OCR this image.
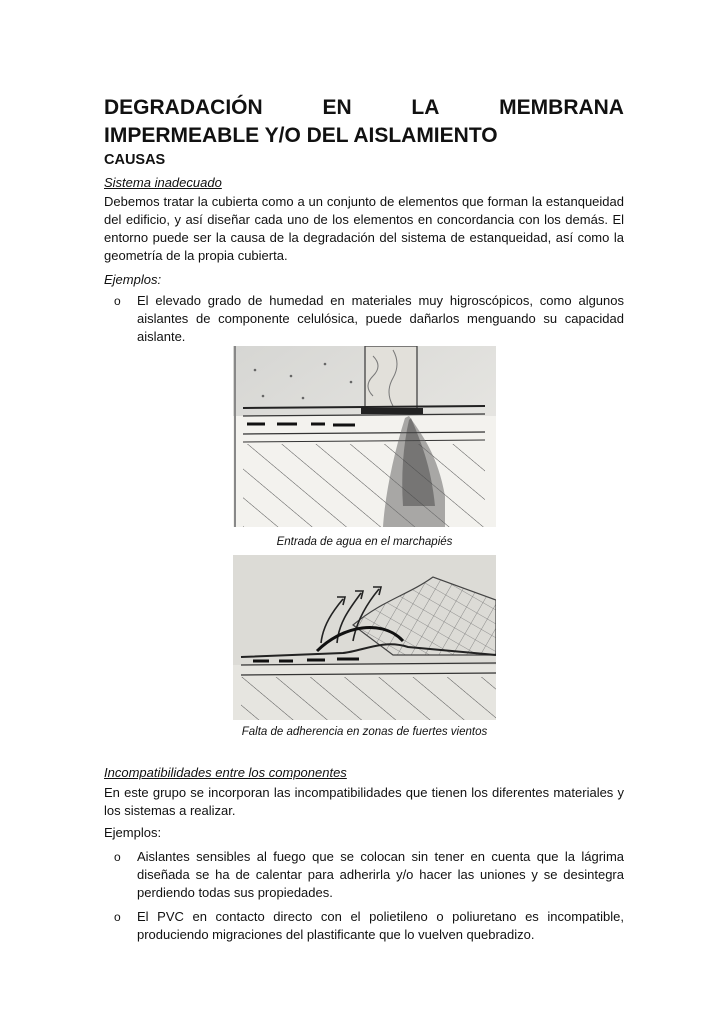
DEGRADACIÓN	EN	LA	MEMBRANA
IMPERMEABLE Y/O DEL AISLAMIENTO
CAUSAS
Sistema inadecuado
Debemos tratar la cubierta como a un conjunto de elementos que forman la estanqueidad del edificio, y así diseñar cada uno de los elementos en concordancia con los demás. El entorno puede ser la causa de la degradación del sistema de estanqueidad, así como la geometría de la propia cubierta.
Ejemplos:
o El elevado grado de humedad en materiales muy higroscópicos, como algunos aislantes de componente celulósica, puede dañarlos menguando su capacidad aislante.
Entrada de agua en el marchapiés
Falta de adherencia en zonas de fuertes vientos
Incompatibilidades entre los componentes
En este grupo se incorporan las incompatibilidades que tienen los diferentes materiales y los sistemas a realizar.
Ejemplos:
o Aislantes sensibles al fuego que se colocan sin tener en cuenta que la lágrima diseñada se ha de calentar para adherirla y/o hacer las uniones y se desintegra perdiendo todas sus propiedades.
o El PVC en contacto directo con el polietileno o poliuretano es incompatible, produciendo migraciones del plastificante que lo vuelven quebradizo.
